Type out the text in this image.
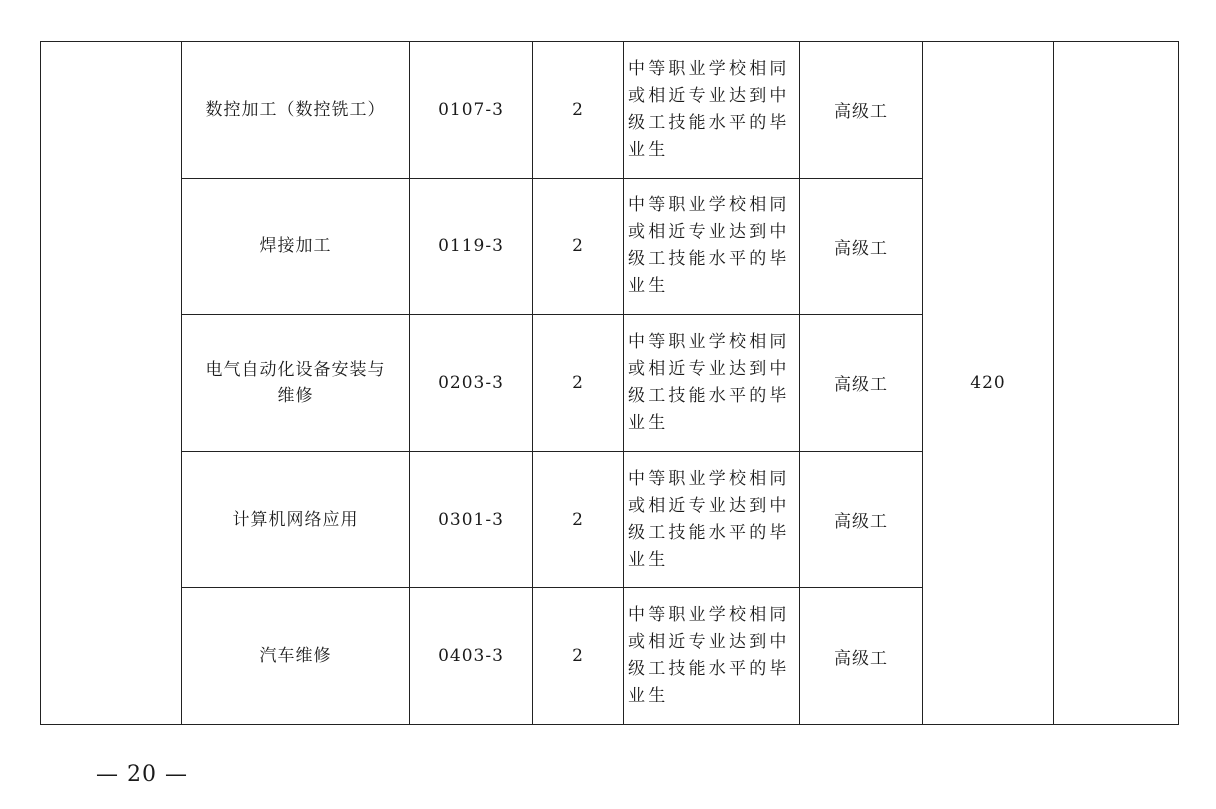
	数控加工（数控铣工）	0107-3	2	中等职业学校相同或相近专业达到中级工技能水平的毕业生	高级工	420	
	焊接加工	0119-3	2	中等职业学校相同或相近专业达到中级工技能水平的毕业生	高级工		
	电气自动化设备安装与维修	0203-3	2	中等职业学校相同或相近专业达到中级工技能水平的毕业生	高级工		
	计算机网络应用	0301-3	2	中等职业学校相同或相近专业达到中级工技能水平的毕业生	高级工		
	汽车维修	0403-3	2	中等职业学校相同或相近专业达到中级工技能水平的毕业生	高级工		
— 20 —
